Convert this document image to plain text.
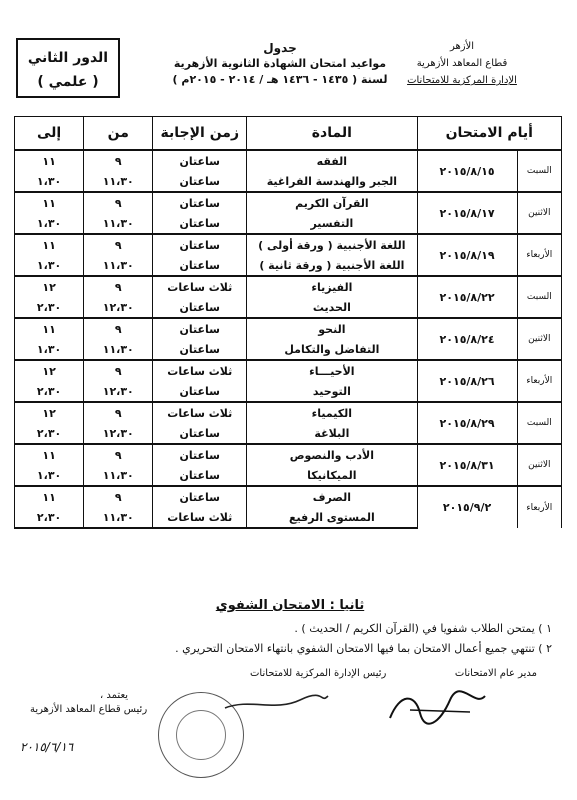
الأزهر
قطاع المعاهد الأزهرية
الإدارة المركزية للامتحانات
جدول
مواعيد امتحان الشهادة الثانوية الأزهرية
لسنة ( ١٤٣٥ - ١٤٣٦ هـ / ٢٠١٤ - ٢٠١٥م )
الدور الثاني
( علمي )
أيام الامتحان		المادة	زمن الإجابة	من	إلى
السبت	٢٠١٥/٨/١٥	الفقه	ساعتان	٩	١١
		الجبر والهندسة الفراغية	ساعتان	١١،٣٠	١،٣٠
الاثنين	٢٠١٥/٨/١٧	القرآن الكريم	ساعتان	٩	١١
		التفسير	ساعتان	١١،٣٠	١،٣٠
الأربعاء	٢٠١٥/٨/١٩	اللغة الأجنبية ( ورقة أولى )	ساعتان	٩	١١
		اللغة الأجنبية ( ورقة ثانية )	ساعتان	١١،٣٠	١،٣٠
السبت	٢٠١٥/٨/٢٢	الفيزياء	ثلاث ساعات	٩	١٢
		الحديث	ساعتان	١٢،٣٠	٢،٣٠
الاثنين	٢٠١٥/٨/٢٤	النحو	ساعتان	٩	١١
		التفاضل والتكامل	ساعتان	١١،٣٠	١،٣٠
الأربعاء	٢٠١٥/٨/٢٦	الأحيـــاء	ثلاث ساعات	٩	١٢
		التوحيد	ساعتان	١٢،٣٠	٢،٣٠
السبت	٢٠١٥/٨/٢٩	الكيمياء	ثلاث ساعات	٩	١٢
		البلاغة	ساعتان	١٢،٣٠	٢،٣٠
الاثنين	٢٠١٥/٨/٣١	الأدب والنصوص	ساعتان	٩	١١
		الميكانيكا	ساعتان	١١،٣٠	١،٣٠
الأربعاء	٢٠١٥/٩/٢	الصرف	ساعتان	٩	١١
		المستوى الرفيع	ثلاث ساعات	١١،٣٠	٢،٣٠
ثانيا : الامتحان الشفوي
١ ) يمتحن الطلاب شفويا في (القرآن الكريم / الحديث ) .
٢ ) تنتهي جميع أعمال الامتحان بما فيها الامتحان الشفوي بانتهاء الامتحان التحريري .
مدير عام الامتحانات
رئيس الإدارة المركزية للامتحانات
يعتمد ،
رئيس قطاع المعاهد الأزهرية
٢٠١٥/٦/١٦
